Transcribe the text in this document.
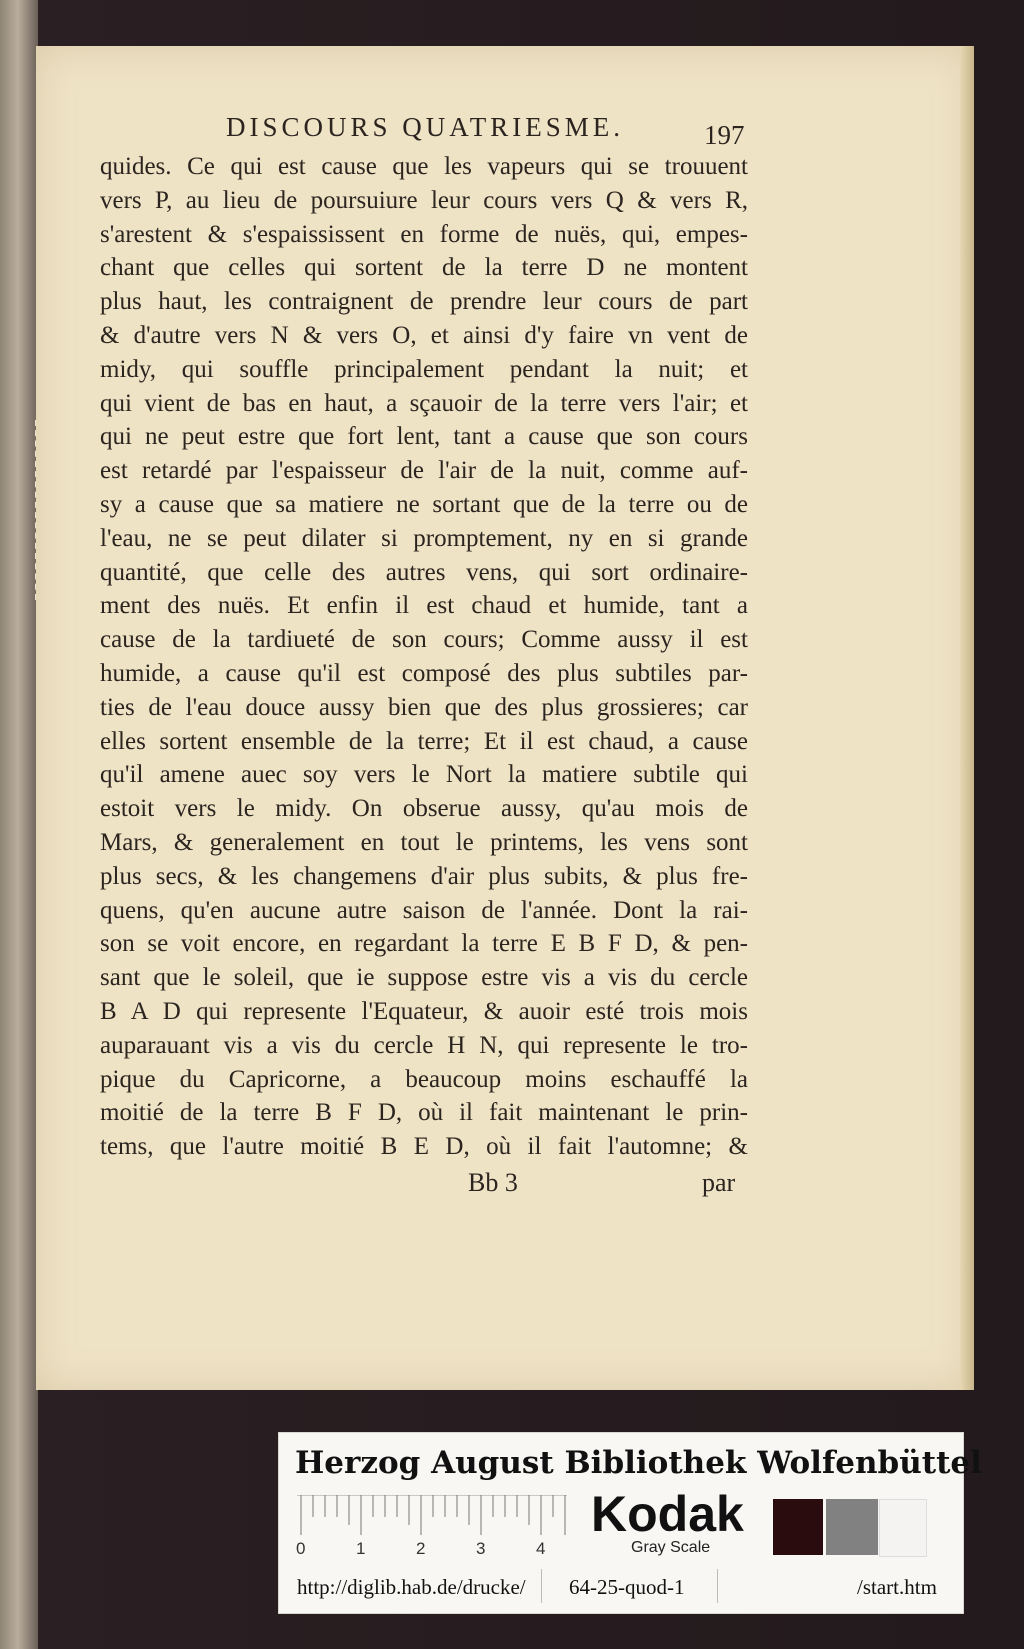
DISCOURS QUATRIESME.	197
quides. Ce qui est cause que les vapeurs qui se trouuent
vers P, au lieu de poursuiure leur cours vers Q & vers R,
s'arestent & s'espaississent en forme de nuës, qui, empes-
chant que celles qui sortent de la terre D ne montent
plus haut, les contraignent de prendre leur cours de part
& d'autre vers N & vers O, et ainsi d'y faire vn vent de
midy, qui souffle principalement pendant la nuit; et
qui vient de bas en haut, a sçauoir de la terre vers l'air; et
qui ne peut estre que fort lent, tant a cause que son cours
est retardé par l'espaisseur de l'air de la nuit, comme auf-
sy a cause que sa matiere ne sortant que de la terre ou de
l'eau, ne se peut dilater si promptement, ny en si grande
quantité, que celle des autres vens, qui sort ordinaire-
ment des nuës. Et enfin il est chaud et humide, tant a
cause de la tardiueté de son cours; Comme aussy il est
humide, a cause qu'il est composé des plus subtiles par-
ties de l'eau douce aussy bien que des plus grossieres; car
elles sortent ensemble de la terre; Et il est chaud, a cause
qu'il amene auec soy vers le Nort la matiere subtile qui
estoit vers le midy. On obserue aussy, qu'au mois de
Mars, & generalement en tout le printems, les vens sont
plus secs, & les changemens d'air plus subits, & plus fre-
quens, qu'en aucune autre saison de l'année. Dont la rai-
son se voit encore, en regardant la terre E B F D, & pen-
sant que le soleil, que ie suppose estre vis a vis du cercle
B A D qui represente l'Equateur, & auoir esté trois mois
auparauant vis a vis du cercle H N, qui represente le tro-
pique du Capricorne, a beaucoup moins eschauffé la
moitié de la terre B F D, où il fait maintenant le prin-
tems, que l'autre moitié B E D, où il fait l'automne; &
Bb 3	par
Herzog August Bibliothek Wolfenbüttel
0	1	2	3	4
Kodak
Gray Scale
http://diglib.hab.de/drucke/ 64-25-quod-1	/start.htm
